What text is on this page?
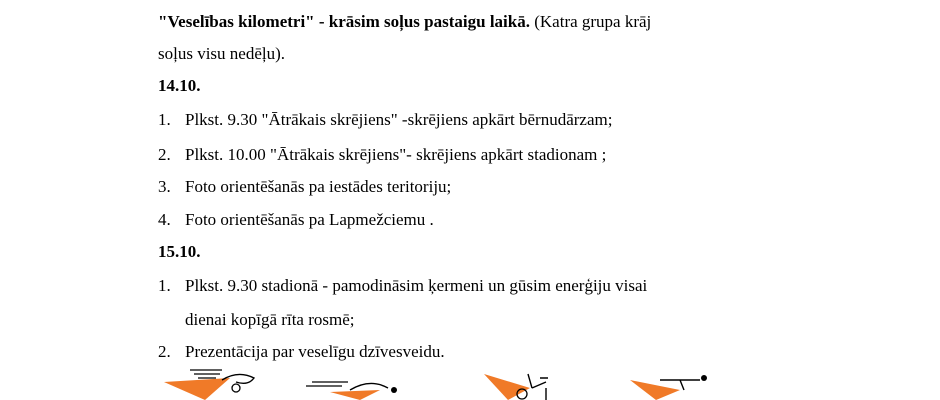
"Veselības kilometri" - krāsim soļus pastaigu laikā. (Katra grupa krāj
soļus visu nedēļu).
14.10.
1. Plkst. 9.30 "Ātrākais skrējiens" -skrējiens apkārt bērnudārzam;
2. Plkst. 10.00 "Ātrākais skrējiens"- skrējiens apkārt stadionam ;
3. Foto orientēšanās pa iestādes teritoriju;
4. Foto orientēšanās pa Lapmežciemu .
15.10.
1. Plkst. 9.30 stadionā - pamodināsim ķermeni un gūsim enerģiju visai
dienai kopīgā rīta rosmē;
2. Prezentācija par veselīgu dzīvesveidu.
